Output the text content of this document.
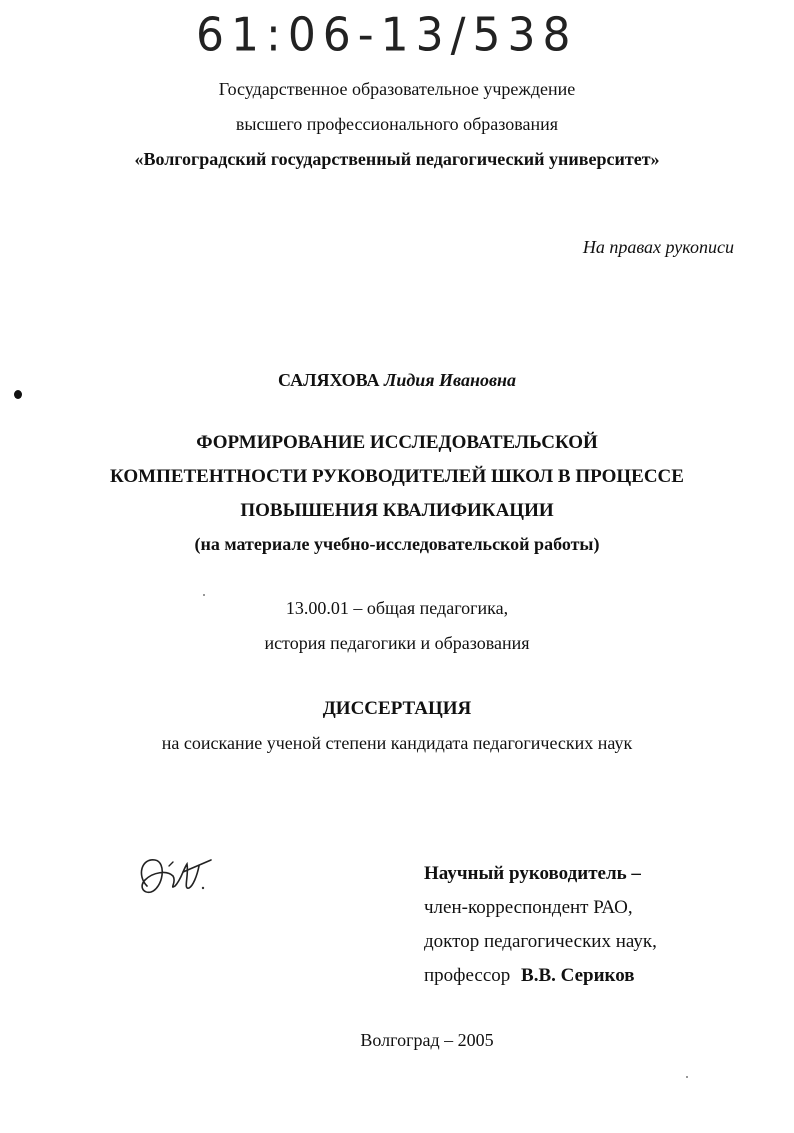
61:06-13/538
Государственное образовательное учреждение
высшего профессионального образования
«Волгоградский государственный педагогический университет»
На правах рукописи
САЛЯХОВА Лидия Ивановна
ФОРМИРОВАНИЕ ИССЛЕДОВАТЕЛЬСКОЙ
КОМПЕТЕНТНОСТИ РУКОВОДИТЕЛЕЙ ШКОЛ В ПРОЦЕССЕ
ПОВЫШЕНИЯ КВАЛИФИКАЦИИ
(на материале учебно-исследовательской работы)
13.00.01 – общая педагогика,
история педагогики и образования
ДИССЕРТАЦИЯ
на соискание ученой степени кандидата педагогических наук
Научный руководитель –
член-корреспондент РАО,
доктор педагогических наук,
профессор В.В. Сериков
Волгоград – 2005
